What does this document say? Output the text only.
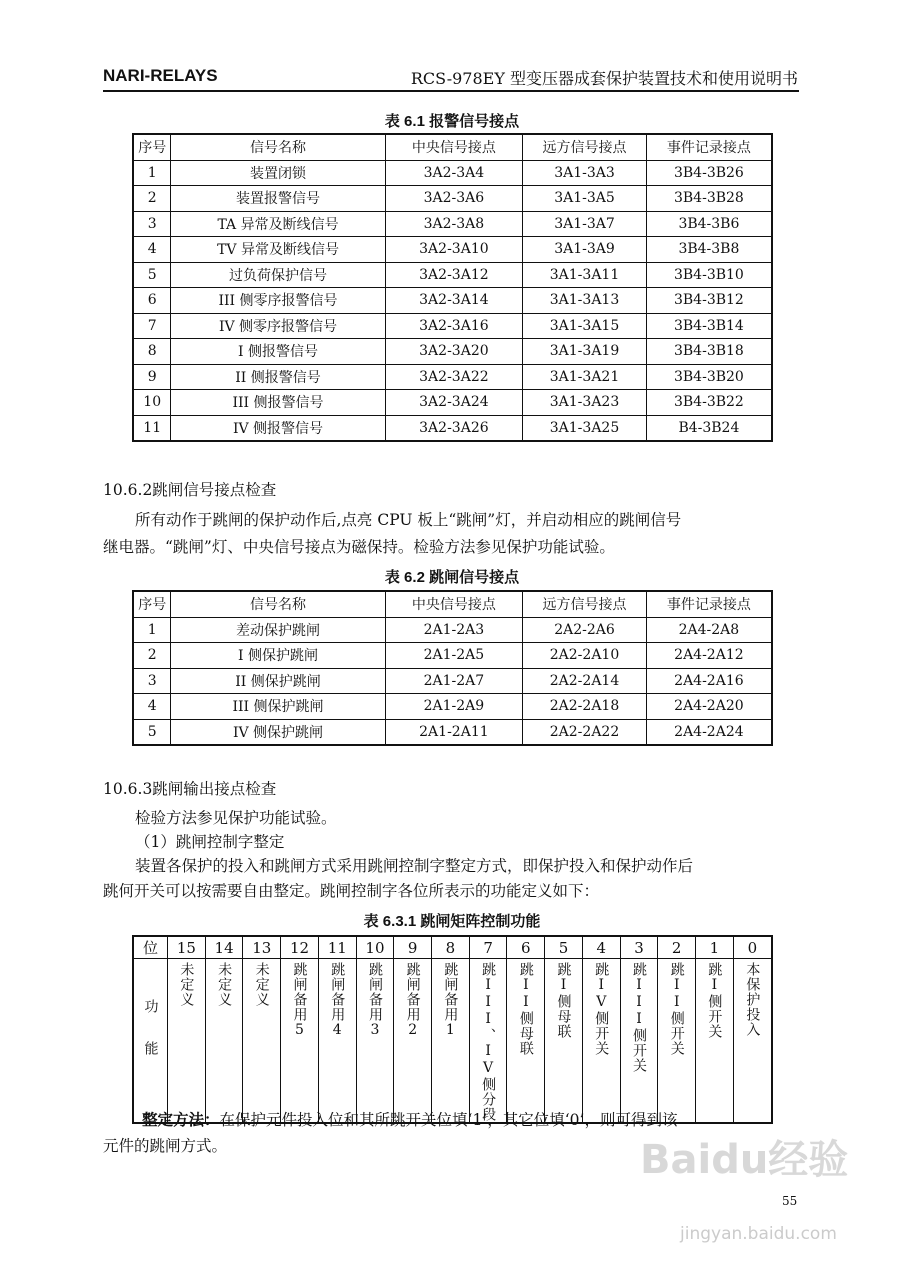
NARI-RELAYS	RCS-978EY 型变压器成套保护装置技术和使用说明书
表 6.1 报警信号接点
序号	信号名称	中央信号接点	远方信号接点	事件记录接点
1	装置闭锁	3A2-3A4	3A1-3A3	3B4-3B26
2	装置报警信号	3A2-3A6	3A1-3A5	3B4-3B28
3	TA 异常及断线信号	3A2-3A8	3A1-3A7	3B4-3B6
4	TV 异常及断线信号	3A2-3A10	3A1-3A9	3B4-3B8
5	过负荷保护信号	3A2-3A12	3A1-3A11	3B4-3B10
6	III 侧零序报警信号	3A2-3A14	3A1-3A13	3B4-3B12
7	IV 侧零序报警信号	3A2-3A16	3A1-3A15	3B4-3B14
8	I 侧报警信号	3A2-3A20	3A1-3A19	3B4-3B18
9	II 侧报警信号	3A2-3A22	3A1-3A21	3B4-3B20
10	III 侧报警信号	3A2-3A24	3A1-3A23	3B4-3B22
11	IV 侧报警信号	3A2-3A26	3A1-3A25	B4-3B24
10.6.2跳闸信号接点检查
所有动作于跳闸的保护动作后,点亮 CPU 板上“跳闸”灯，并启动相应的跳闸信号
继电器。“跳闸”灯、中央信号接点为磁保持。检验方法参见保护功能试验。
表 6.2 跳闸信号接点
序号	信号名称	中央信号接点	远方信号接点	事件记录接点
1	差动保护跳闸	2A1-2A3	2A2-2A6	2A4-2A8
2	I 侧保护跳闸	2A1-2A5	2A2-2A10	2A4-2A12
3	II 侧保护跳闸	2A1-2A7	2A2-2A14	2A4-2A16
4	III 侧保护跳闸	2A1-2A9	2A2-2A18	2A4-2A20
5	IV 侧保护跳闸	2A1-2A11	2A2-2A22	2A4-2A24
10.6.3跳闸输出接点检查
检验方法参见保护功能试验。
（1）跳闸控制字整定
装置各保护的投入和跳闸方式采用跳闸控制字整定方式，即保护投入和保护动作后
跳何开关可以按需要自由整定。跳闸控制字各位所表示的功能定义如下：
表 6.3.1 跳闸矩阵控制功能
位	15	14	13	12	11	10	9	8	7	6	5	4	3	2	1	0

功能	未定义	未定义	未定义	跳闸备用5	跳闸备用4	跳闸备用3	跳闸备用2	跳闸备用1	跳III、IV侧分段	跳II侧母联	跳I侧母联	跳IV侧开关	跳III侧开关	跳II侧开关	跳I侧开关	本保护投入
整定方法：在保护元件投入位和其所跳开关位填‘1’，其它位填‘0’，则可得到该
元件的跳闸方式。	Baidu经验
55
jingyan.baidu.com
